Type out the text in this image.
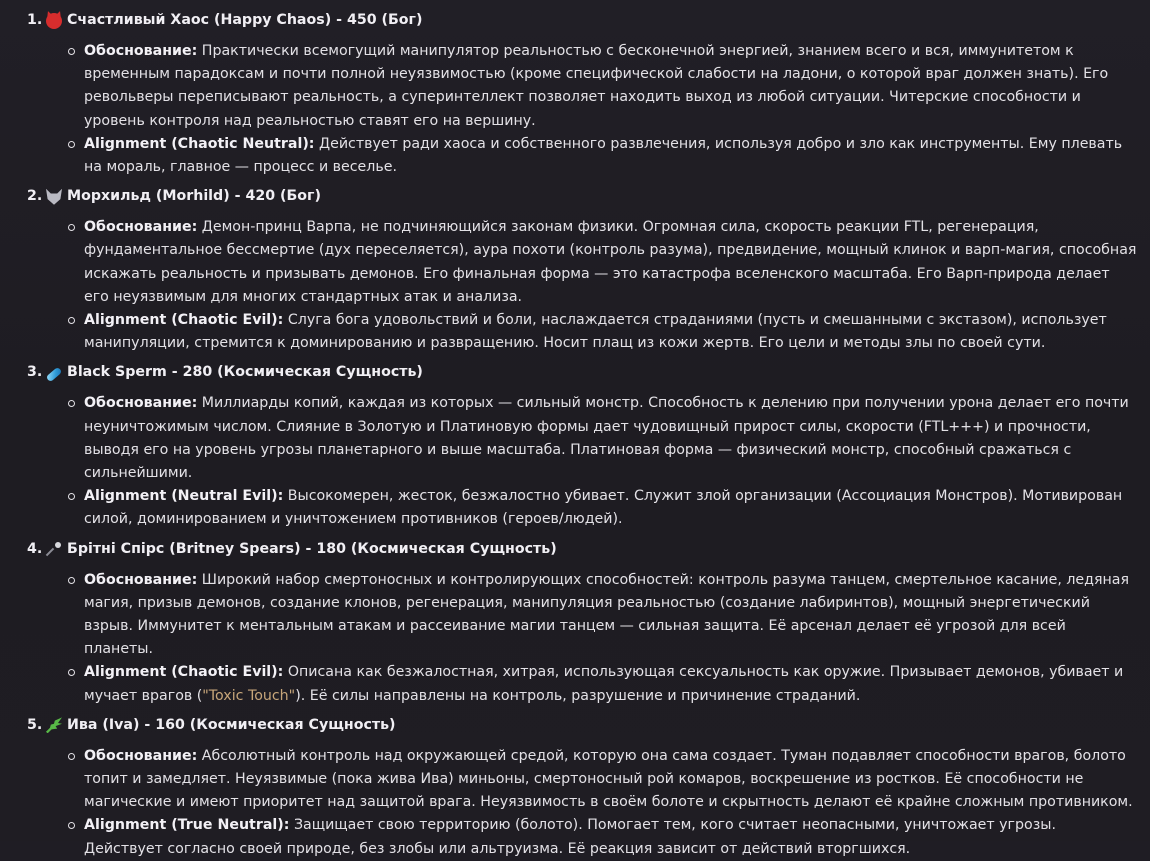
1. Счастливый Хаос (Happy Chaos) - 450 (Бог)
Обоснование: Практически всемогущий манипулятор реальностью с бесконечной энергией, знанием всего и вся, иммунитетом к временным парадоксам и почти полной неуязвимостью (кроме специфической слабости на ладони, о которой враг должен знать). Его револьверы переписывают реальность, а суперинтеллект позволяет находить выход из любой ситуации. Читерские способности и уровень контроля над реальностью ставят его на вершину.
Alignment (Chaotic Neutral): Действует ради хаоса и собственного развлечения, используя добро и зло как инструменты. Ему плевать на мораль, главное — процесс и веселье.
2. Морхильд (Morhild) - 420 (Бог)
Обоснование: Демон-принц Варпа, не подчиняющийся законам физики. Огромная сила, скорость реакции FTL, регенерация, фундаментальное бессмертие (дух переселяется), аура похоти (контроль разума), предвидение, мощный клинок и варп-магия, способная искажать реальность и призывать демонов. Его финальная форма — это катастрофа вселенского масштаба. Его Варп-природа делает его неуязвимым для многих стандартных атак и анализа.
Alignment (Chaotic Evil): Слуга бога удовольствий и боли, наслаждается страданиями (пусть и смешанными с экстазом), использует манипуляции, стремится к доминированию и развращению. Носит плащ из кожи жертв. Его цели и методы злы по своей сути.
3. Black Sperm - 280 (Космическая Сущность)
Обоснование: Миллиарды копий, каждая из которых — сильный монстр. Способность к делению при получении урона делает его почти неуничтожимым числом. Слияние в Золотую и Платиновую формы дает чудовищный прирост силы, скорости (FTL+++) и прочности, выводя его на уровень угрозы планетарного и выше масштаба. Платиновая форма — физический монстр, способный сражаться с сильнейшими.
Alignment (Neutral Evil): Высокомерен, жесток, безжалостно убивает. Служит злой организации (Ассоциация Монстров). Мотивирован силой, доминированием и уничтожением противников (героев/людей).
4. Брітні Спірс (Britney Spears) - 180 (Космическая Сущность)
Обоснование: Широкий набор смертоносных и контролирующих способностей: контроль разума танцем, смертельное касание, ледяная магия, призыв демонов, создание клонов, регенерация, манипуляция реальностью (создание лабиринтов), мощный энергетический взрыв. Иммунитет к ментальным атакам и рассеивание магии танцем — сильная защита. Её арсенал делает её угрозой для всей планеты.
Alignment (Chaotic Evil): Описана как безжалостная, хитрая, использующая сексуальность как оружие. Призывает демонов, убивает и мучает врагов ("Toxic Touch"). Её силы направлены на контроль, разрушение и причинение страданий.
5. Ива (Iva) - 160 (Космическая Сущность)
Обоснование: Абсолютный контроль над окружающей средой, которую она сама создает. Туман подавляет способности врагов, болото топит и замедляет. Неуязвимые (пока жива Ива) миньоны, смертоносный рой комаров, воскрешение из ростков. Её способности не магические и имеют приоритет над защитой врага. Неуязвимость в своём болоте и скрытность делают её крайне сложным противником.
Alignment (True Neutral): Защищает свою территорию (болото). Помогает тем, кого считает неопасными, уничтожает угрозы. Действует согласно своей природе, без злобы или альтруизма. Её реакция зависит от действий вторгшихся.
